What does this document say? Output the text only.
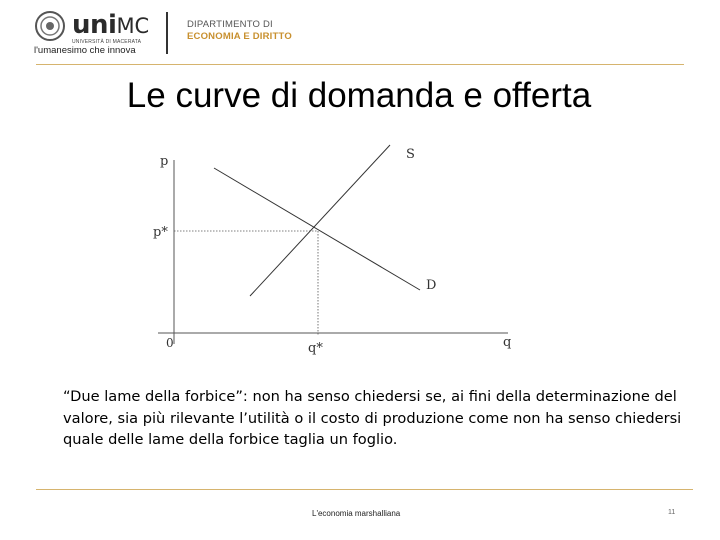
uniMC
UNIVERSITÀ DI MACERATA
l'umanesimo che innova
DIPARTIMENTO DI
ECONOMIA E DIRITTO
Le curve di domanda e offerta
p
q
0
p*
q*
S
D
“Due lame della forbice”: non ha senso chiedersi se, ai fini della determinazione del valore, sia più rilevante l’utilità o il costo di produzione come non ha senso chiedersi quale delle lame della forbice taglia un foglio.
L'economia marshalliana	11
